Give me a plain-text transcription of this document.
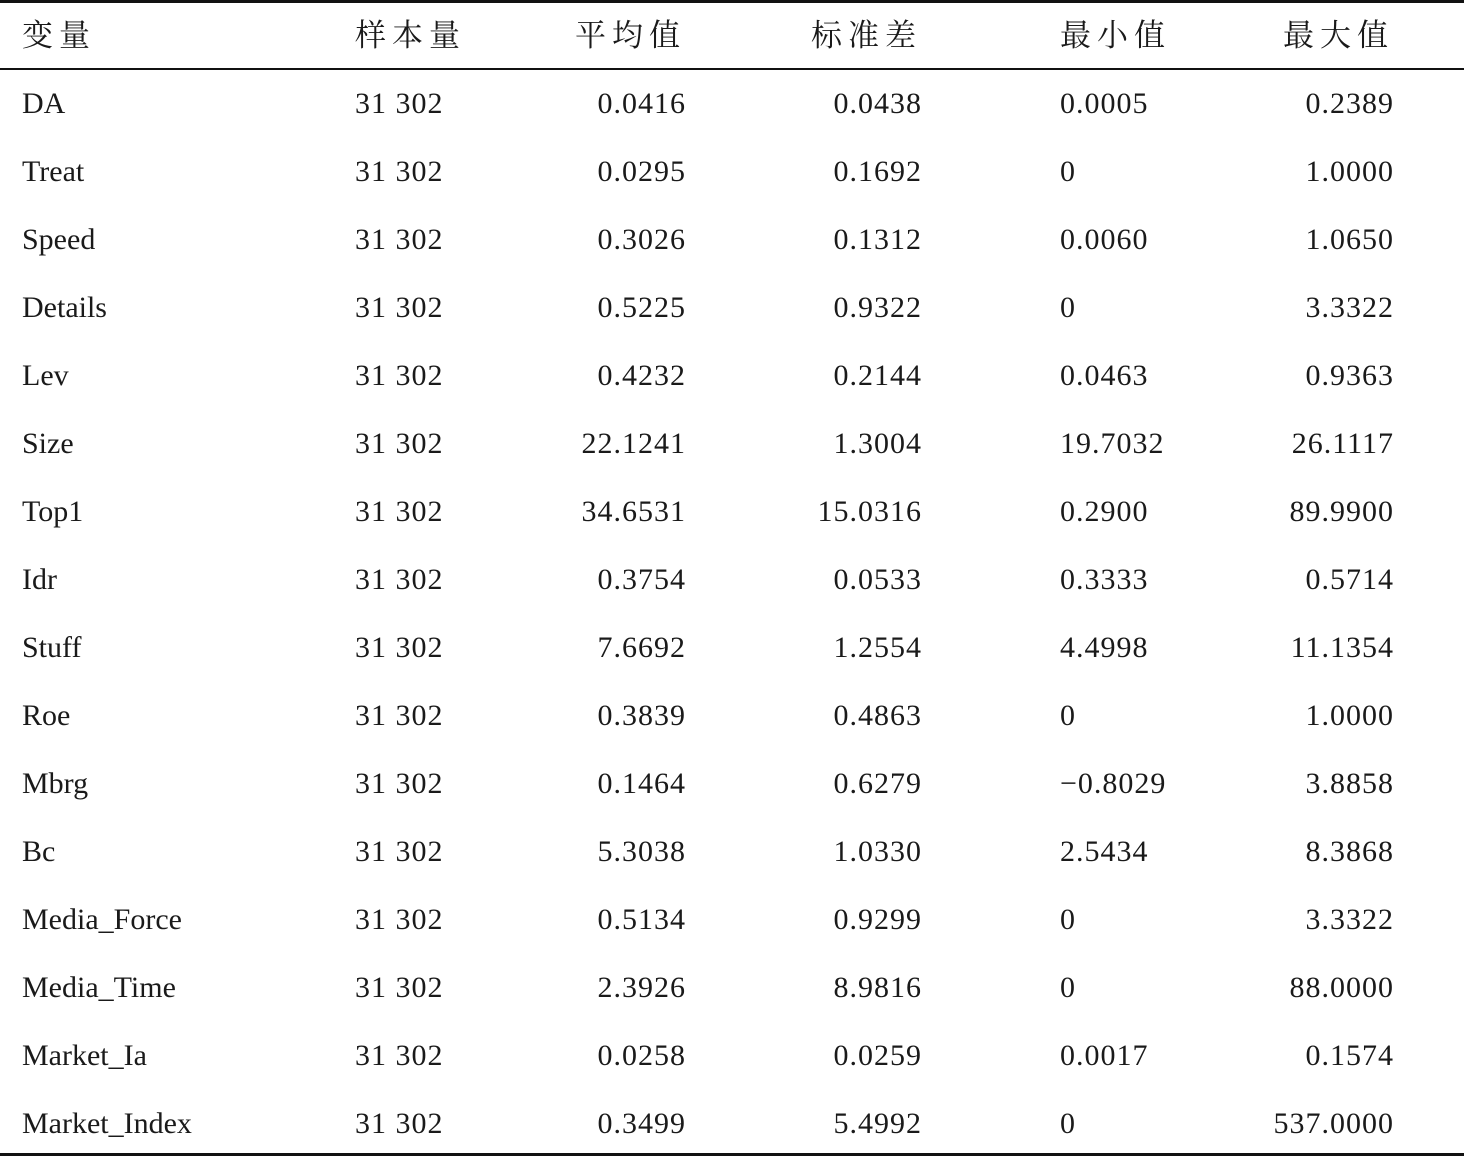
变量	样本量	平均值	标准差	最小值	最大值
DA	31 302	0.0416	0.0438	0.0005	0.2389
Treat	31 302	0.0295	0.1692	0	1.0000
Speed	31 302	0.3026	0.1312	0.0060	1.0650
Details	31 302	0.5225	0.9322	0	3.3322
Lev	31 302	0.4232	0.2144	0.0463	0.9363
Size	31 302	22.1241	1.3004	19.7032	26.1117
Top1	31 302	34.6531	15.0316	0.2900	89.9900
Idr	31 302	0.3754	0.0533	0.3333	0.5714
Stuff	31 302	7.6692	1.2554	4.4998	11.1354
Roe	31 302	0.3839	0.4863	0	1.0000
Mbrg	31 302	0.1464	0.6279	−0.8029	3.8858
Bc	31 302	5.3038	1.0330	2.5434	8.3868
Media_Force	31 302	0.5134	0.9299	0	3.3322
Media_Time	31 302	2.3926	8.9816	0	88.0000
Market_Ia	31 302	0.0258	0.0259	0.0017	0.1574
Market_Index	31 302	0.3499	5.4992	0	537.0000
